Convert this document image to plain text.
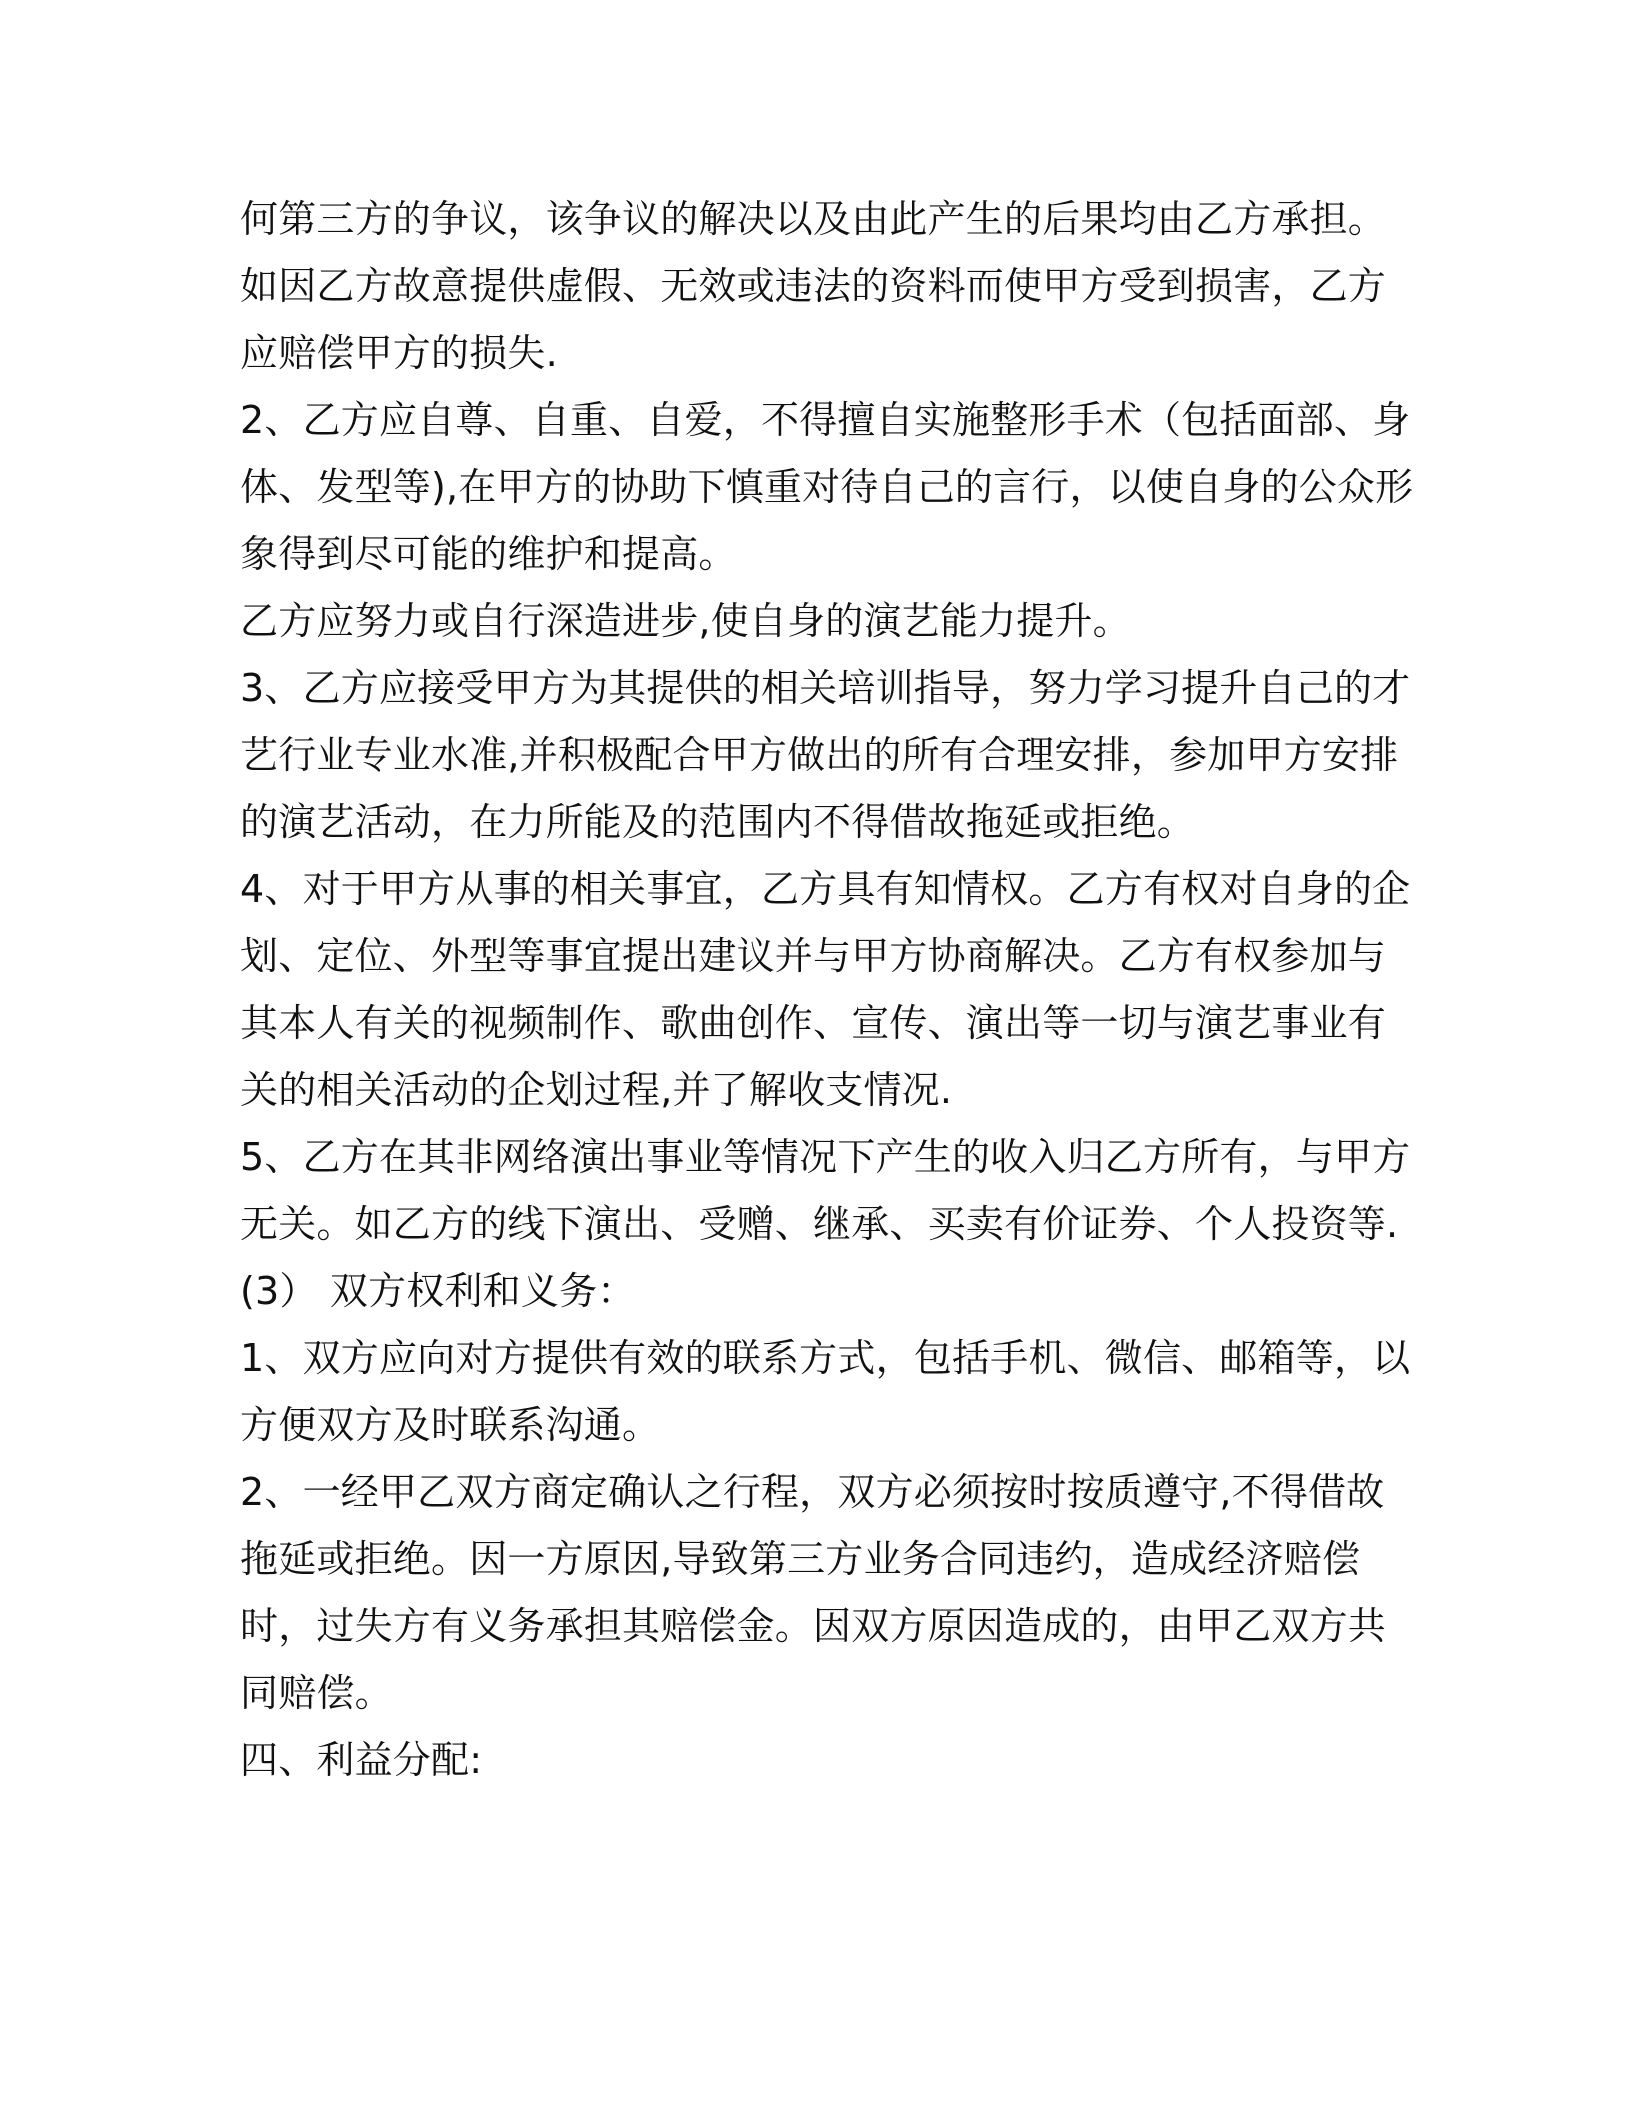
何第三方的争议，该争议的解决以及由此产生的后果均由乙方承担。
如因乙方故意提供虚假、无效或违法的资料而使甲方受到损害，乙方
应赔偿甲方的损失.
2、乙方应自尊、自重、自爱，不得擅自实施整形手术（包括面部、身
体、发型等),在甲方的协助下慎重对待自己的言行，以使自身的公众形
象得到尽可能的维护和提高。
乙方应努力或自行深造进步,使自身的演艺能力提升。
3、乙方应接受甲方为其提供的相关培训指导，努力学习提升自己的才
艺行业专业水准,并积极配合甲方做出的所有合理安排，参加甲方安排
的演艺活动，在力所能及的范围内不得借故拖延或拒绝。
4、对于甲方从事的相关事宜，乙方具有知情权。乙方有权对自身的企
划、定位、外型等事宜提出建议并与甲方协商解决。乙方有权参加与
其本人有关的视频制作、歌曲创作、宣传、演出等一切与演艺事业有
关的相关活动的企划过程,并了解收支情况.
5、乙方在其非网络演出事业等情况下产生的收入归乙方所有，与甲方
无关。如乙方的线下演出、受赠、继承、买卖有价证券、个人投资等.
(3） 双方权利和义务：
1、双方应向对方提供有效的联系方式，包括手机、微信、邮箱等，以
方便双方及时联系沟通。
2、一经甲乙双方商定确认之行程，双方必须按时按质遵守,不得借故
拖延或拒绝。因一方原因,导致第三方业务合同违约，造成经济赔偿
时，过失方有义务承担其赔偿金。因双方原因造成的，由甲乙双方共
同赔偿。
四、利益分配:
